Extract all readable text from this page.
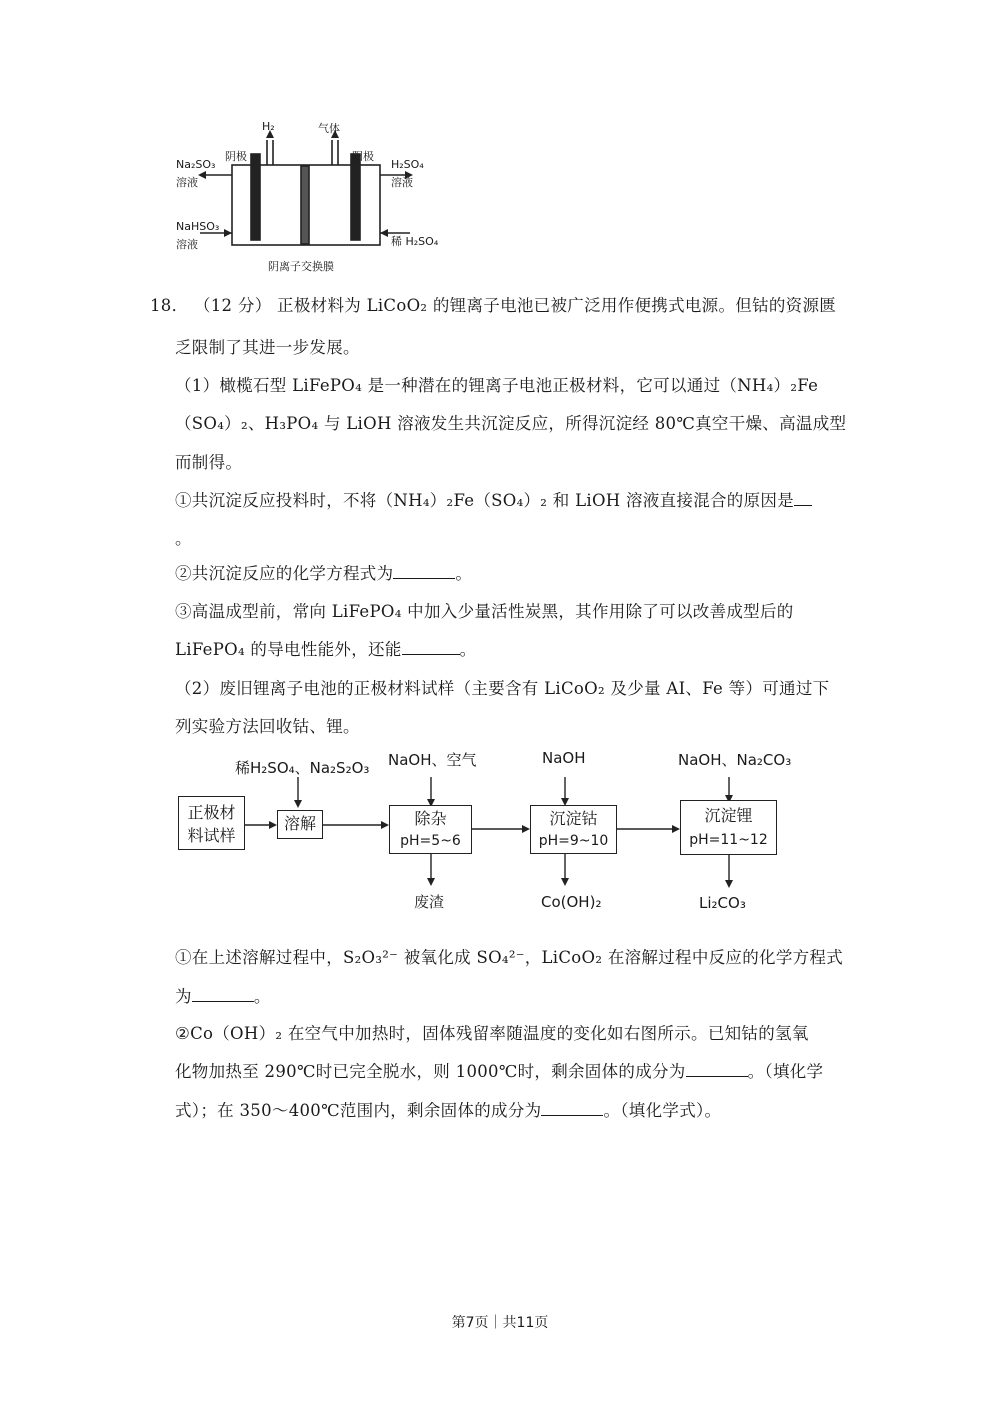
H₂	气体
阴极	阳极
Na₂SO₃
溶液
NaHSO₃
溶液
H₂SO₄
溶液
稀 H₂SO₄
阴离子交换膜
18． （12 分） 正极材料为 LiCoO₂ 的锂离子电池已被广泛用作便携式电源。但钴的资源匮
乏限制了其进一步发展。
（1）橄榄石型 LiFePO₄ 是一种潜在的锂离子电池正极材料，它可以通过（NH₄）₂Fe
（SO₄）₂、H₃PO₄ 与 LiOH 溶液发生共沉淀反应，所得沉淀经 80℃真空干燥、高温成型
而制得。
①共沉淀反应投料时，不将（NH₄）₂Fe（SO₄）₂ 和 LiOH 溶液直接混合的原因是
。
②共沉淀反应的化学方程式为	。
③高温成型前，常向 LiFePO₄ 中加入少量活性炭黑，其作用除了可以改善成型后的
LiFePO₄ 的导电性能外，还能	。
（2）废旧锂离子电池的正极材料试样（主要含有 LiCoO₂ 及少量 AI、Fe 等）可通过下
列实验方法回收钴、锂。
稀H₂SO₄、Na₂S₂O₃ NaOH、空气	NaOH	NaOH、Na₂CO₃
正极材
料试样
溶解	除杂
pH=5~6
沉淀钴
pH=9~10
沉淀锂
pH=11~12
废渣	Co(OH)₂	Li₂CO₃
①在上述溶解过程中，S₂O₃²⁻ 被氧化成 SO₄²⁻，LiCoO₂ 在溶解过程中反应的化学方程式
为	。
②Co（OH）₂ 在空气中加热时，固体残留率随温度的变化如右图所示。已知钴的氢氧
化物加热至 290℃时已完全脱水，则 1000℃时，剩余固体的成分为	。（填化学
式）；在 350～400℃范围内，剩余固体的成分为	。（填化学式）。
第7页｜共11页
